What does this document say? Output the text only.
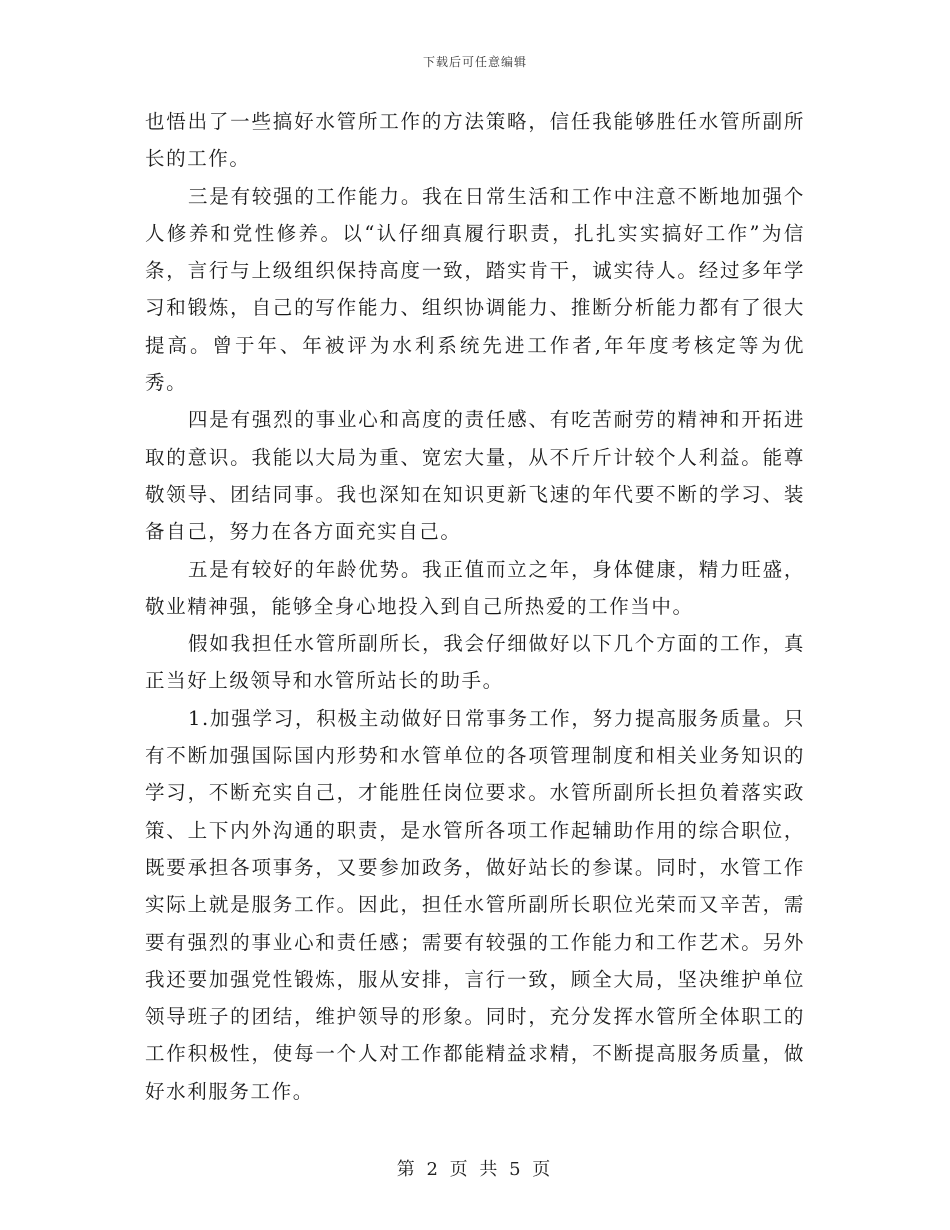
下载后可任意编辑

也悟出了一些搞好水管所工作的方法策略，信任我能够胜任水管所副所长的工作。

三是有较强的工作能力。我在日常生活和工作中注意不断地加强个人修养和党性修养。以“认仔细真履行职责，扎扎实实搞好工作”为信条，言行与上级组织保持高度一致，踏实肯干，诚实待人。经过多年学习和锻炼，自己的写作能力、组织协调能力、推断分析能力都有了很大提高。曾于年、年被评为水利系统先进工作者,年年度考核定等为优秀。

四是有强烈的事业心和高度的责任感、有吃苦耐劳的精神和开拓进取的意识。我能以大局为重、宽宏大量，从不斤斤计较个人利益。能尊敬领导、团结同事。我也深知在知识更新飞速的年代要不断的学习、装备自己，努力在各方面充实自己。

五是有较好的年龄优势。我正值而立之年，身体健康，精力旺盛，敬业精神强，能够全身心地投入到自己所热爱的工作当中。

假如我担任水管所副所长，我会仔细做好以下几个方面的工作，真正当好上级领导和水管所站长的助手。

1.加强学习，积极主动做好日常事务工作，努力提高服务质量。只有不断加强国际国内形势和水管单位的各项管理制度和相关业务知识的学习，不断充实自己，才能胜任岗位要求。水管所副所长担负着落实政策、上下内外沟通的职责，是水管所各项工作起辅助作用的综合职位，既要承担各项事务，又要参加政务，做好站长的参谋。同时，水管工作实际上就是服务工作。因此，担任水管所副所长职位光荣而又辛苦，需要有强烈的事业心和责任感；需要有较强的工作能力和工作艺术。另外我还要加强党性锻炼，服从安排，言行一致，顾全大局，坚决维护单位领导班子的团结，维护领导的形象。同时，充分发挥水管所全体职工的工作积极性，使每一个人对工作都能精益求精，不断提高服务质量，做好水利服务工作。

第 2 页 共 5 页
